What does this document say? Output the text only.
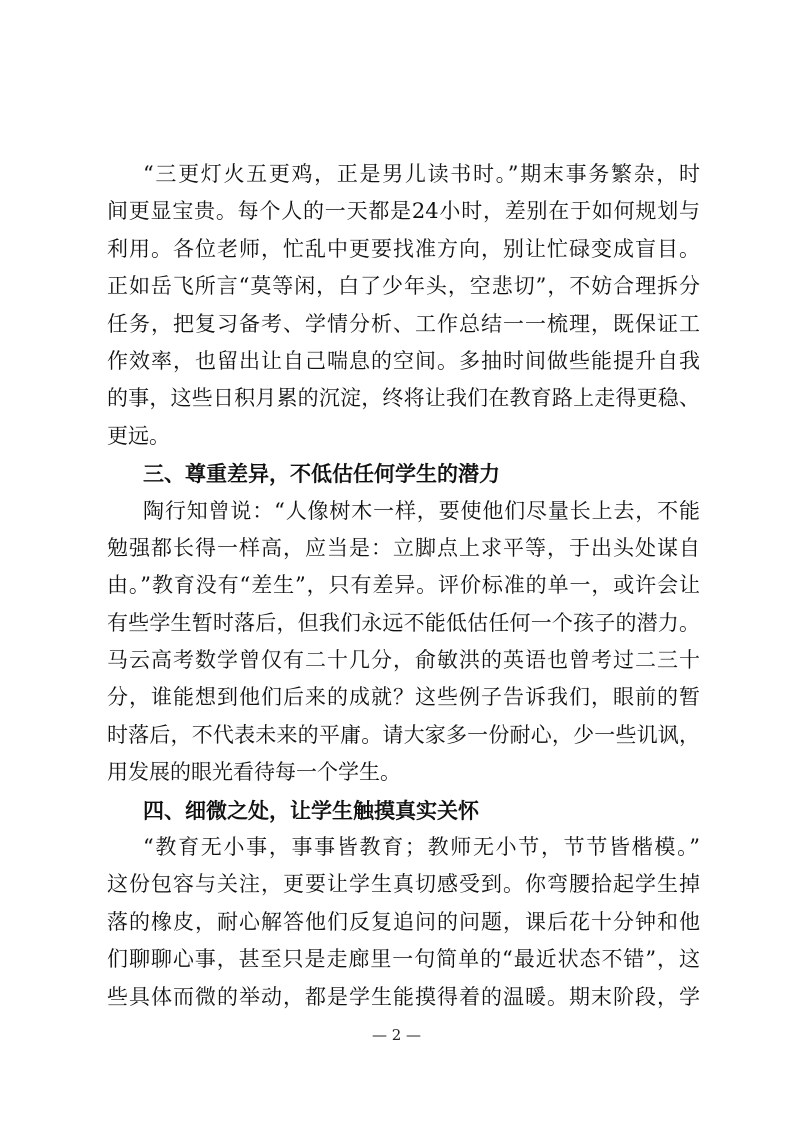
“三更灯火五更鸡，正是男儿读书时。”期末事务繁杂，时
间更显宝贵。每个人的一天都是24小时，差别在于如何规划与
利用。各位老师，忙乱中更要找准方向，别让忙碌变成盲目。
正如岳飞所言“莫等闲，白了少年头，空悲切”，不妨合理拆分
任务，把复习备考、学情分析、工作总结一一梳理，既保证工
作效率，也留出让自己喘息的空间。多抽时间做些能提升自我
的事，这些日积月累的沉淀，终将让我们在教育路上走得更稳、
更远。
三、尊重差异，不低估任何学生的潜力
陶行知曾说：“人像树木一样，要使他们尽量长上去，不能
勉强都长得一样高，应当是：立脚点上求平等，于出头处谋自
由。”教育没有“差生”，只有差异。评价标准的单一，或许会让
有些学生暂时落后，但我们永远不能低估任何一个孩子的潜力。
马云高考数学曾仅有二十几分，俞敏洪的英语也曾考过二三十
分，谁能想到他们后来的成就？这些例子告诉我们，眼前的暂
时落后，不代表未来的平庸。请大家多一份耐心，少一些讥讽，
用发展的眼光看待每一个学生。
四、细微之处，让学生触摸真实关怀
“教育无小事，事事皆教育；教师无小节，节节皆楷模。”
这份包容与关注，更要让学生真切感受到。你弯腰拾起学生掉
落的橡皮，耐心解答他们反复追问的问题，课后花十分钟和他
们聊聊心事，甚至只是走廊里一句简单的“最近状态不错”，这
些具体而微的举动，都是学生能摸得着的温暖。期末阶段，学
— 2 —
